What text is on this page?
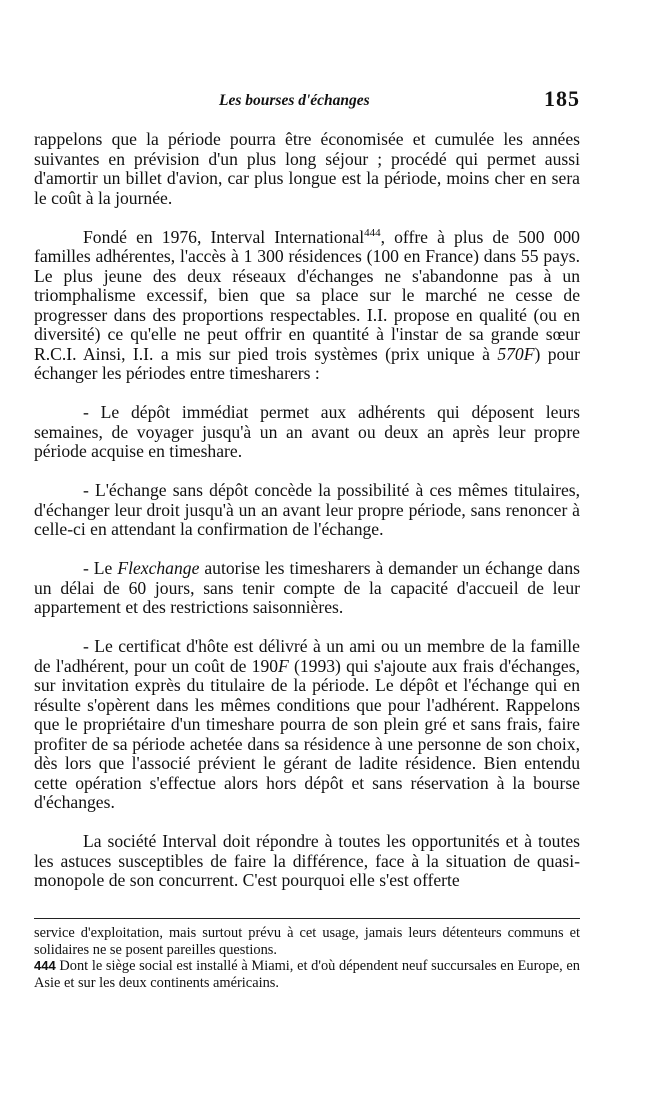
Les bourses d'échanges	185

rappelons que la période pourra être économisée et cumulée les années suivantes en prévision d'un plus long séjour ; procédé qui permet aussi d'amortir un billet d'avion, car plus longue est la période, moins cher en sera le coût à la journée.

Fondé en 1976, Interval International$^{444}$, offre à plus de 500 000 familles adhérentes, l'accès à 1 300 résidences (100 en France) dans 55 pays. Le plus jeune des deux réseaux d'échanges ne s'abandonne pas à un triomphalisme excessif, bien que sa place sur le marché ne cesse de progresser dans des proportions respectables. I.I. propose en qualité (ou en diversité) ce qu'elle ne peut offrir en quantité à l'instar de sa grande sœur R.C.I. Ainsi, I.I. a mis sur pied trois systèmes (prix unique à 570F) pour échanger les périodes entre timesharers :

- Le dépôt immédiat permet aux adhérents qui déposent leurs semaines, de voyager jusqu'à un an avant ou deux an après leur propre période acquise en timeshare.

- L'échange sans dépôt concède la possibilité à ces mêmes titulaires, d'échanger leur droit jusqu'à un an avant leur propre période, sans renoncer à celle-ci en attendant la confirmation de l'échange.

- Le Flexchange autorise les timesharers à demander un échange dans un délai de 60 jours, sans tenir compte de la capacité d'accueil de leur appartement et des restrictions saisonnières.

- Le certificat d'hôte est délivré à un ami ou un membre de la famille de l'adhérent, pour un coût de 190F (1993) qui s'ajoute aux frais d'échanges, sur invitation exprès du titulaire de la période. Le dépôt et l'échange qui en résulte s'opèrent dans les mêmes conditions que pour l'adhérent. Rappelons que le propriétaire d'un timeshare pourra de son plein gré et sans frais, faire profiter de sa période achetée dans sa résidence à une personne de son choix, dès lors que l'associé prévient le gérant de ladite résidence. Bien entendu cette opération s'effectue alors hors dépôt et sans réservation à la bourse d'échanges.

La société Interval doit répondre à toutes les opportunités et à toutes les astuces susceptibles de faire la différence, face à la situation de quasi-monopole de son concurrent. C'est pourquoi elle s'est offerte

service d'exploitation, mais surtout prévu à cet usage, jamais leurs détenteurs communs et solidaires ne se posent pareilles questions.

444 Dont le siège social est installé à Miami, et d'où dépendent neuf succursales en Europe, en Asie et sur les deux continents américains.
